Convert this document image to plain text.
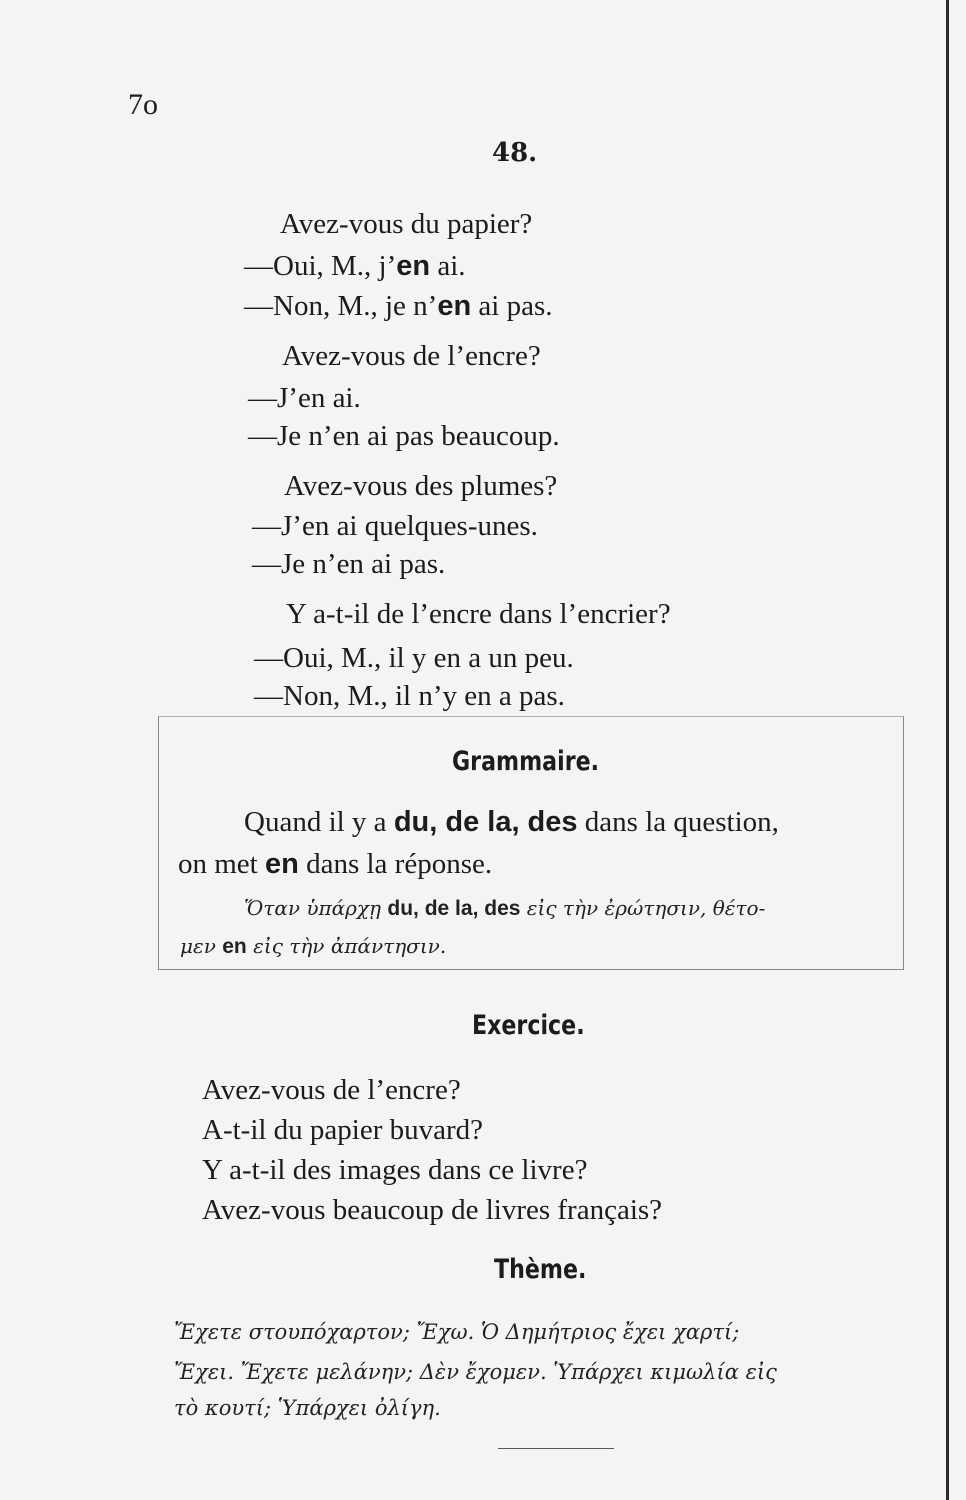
7o
48.
Avez-vous du papier?
—Oui, M., j’en ai.
—Non, M., je n’en ai pas.
Avez-vous de l’encre?
—J’en ai.
—Je n’en ai pas beaucoup.
Avez-vous des plumes?
—J’en ai quelques-unes.
—Je n’en ai pas.
Y a-t-il de l’encre dans l’encrier?
—Oui, M., il y en a un peu.
—Non, M., il n’y en a pas.
Grammaire.
Quand il y a du, de la, des dans la question,
on met en dans la réponse.
Ὅταν ὑπάρχῃ du, de la, des εἰς τὴν ἐρώτησιν, θέτο-
μεν en εἰς τὴν ἀπάντησιν.
Exercice.
Avez-vous de l’encre?
A-t-il du papier buvard?
Y a-t-il des images dans ce livre?
Avez-vous beaucoup de livres français?
Thème.
Ἔχετε στουπόχαρτον; Ἔχω. Ὁ Δημήτριος ἔχει χαρτί;
Ἔχει. Ἔχετε μελάνην; Δὲν ἔχομεν. Ὑπάρχει κιμωλία εἰς
τὸ κουτί; Ὑπάρχει ὀλίγη.
